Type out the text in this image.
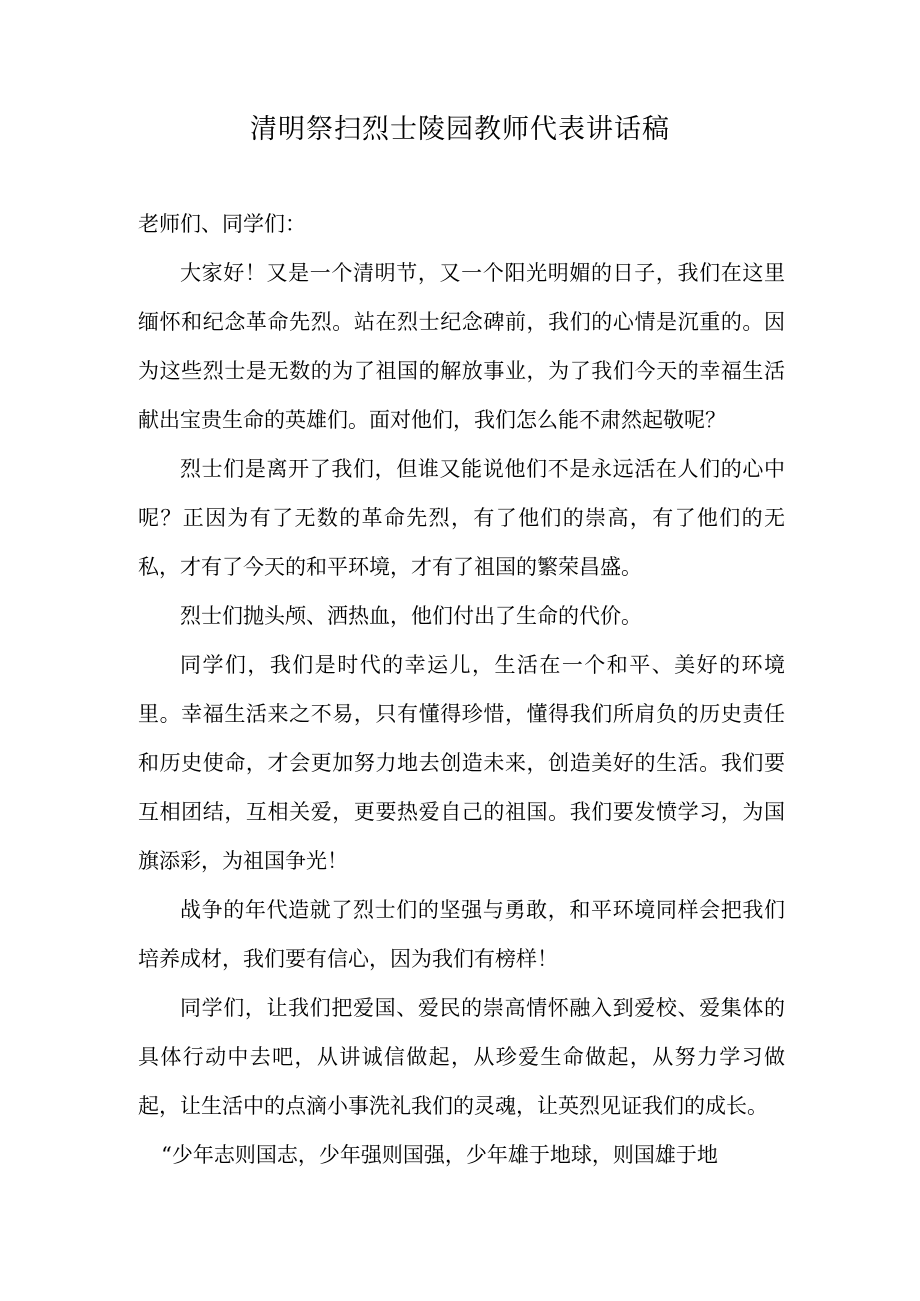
清明祭扫烈士陵园教师代表讲话稿

老师们、同学们：

大家好！又是一个清明节，又一个阳光明媚的日子，我们在这里缅怀和纪念革命先烈。站在烈士纪念碑前，我们的心情是沉重的。因为这些烈士是无数的为了祖国的解放事业，为了我们今天的幸福生活献出宝贵生命的英雄们。面对他们，我们怎么能不肃然起敬呢？

烈士们是离开了我们，但谁又能说他们不是永远活在人们的心中呢？正因为有了无数的革命先烈，有了他们的崇高，有了他们的无私，才有了今天的和平环境，才有了祖国的繁荣昌盛。

烈士们抛头颅、洒热血，他们付出了生命的代价。

同学们，我们是时代的幸运儿，生活在一个和平、美好的环境里。幸福生活来之不易，只有懂得珍惜，懂得我们所肩负的历史责任和历史使命，才会更加努力地去创造未来，创造美好的生活。我们要互相团结，互相关爱，更要热爱自己的祖国。我们要发愤学习，为国旗添彩，为祖国争光！

战争的年代造就了烈士们的坚强与勇敢，和平环境同样会把我们培养成材，我们要有信心，因为我们有榜样！

同学们，让我们把爱国、爱民的崇高情怀融入到爱校、爱集体的具体行动中去吧，从讲诚信做起，从珍爱生命做起，从努力学习做起，让生活中的点滴小事洗礼我们的灵魂，让英烈见证我们的成长。

“少年志则国志，少年强则国强，少年雄于地球，则国雄于地
